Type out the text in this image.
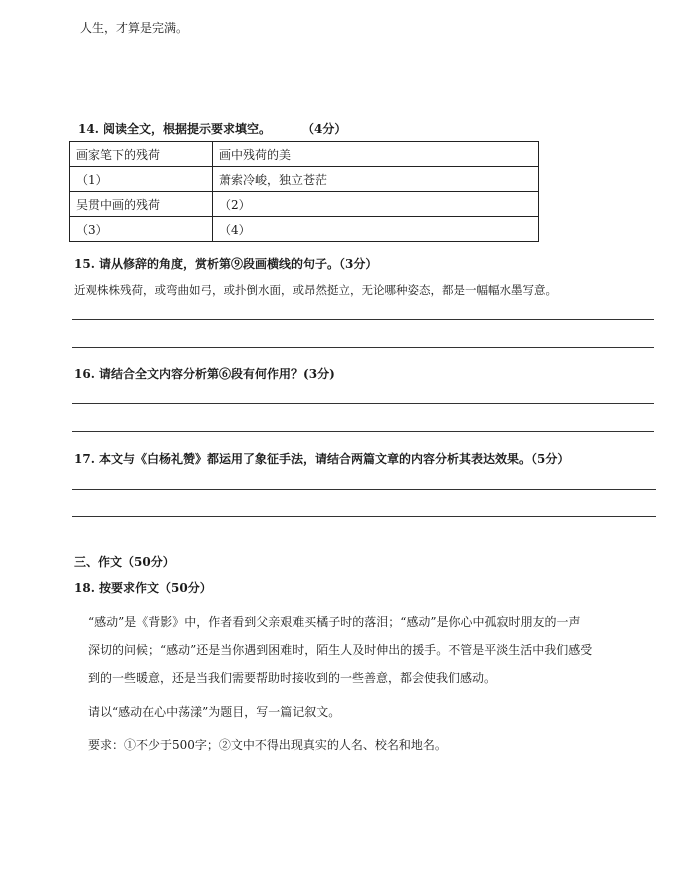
人生，才算是完满。
14. 阅读全文，根据提示要求填空。	（4分）
画家笔下的残荷	画中残荷的美
（1）	萧索冷峻，独立苍茫
吴贯中画的残荷	（2）
（3）	（4）
15. 请从修辞的角度，赏析第⑨段画横线的句子。（3分）
近观株株残荷，或弯曲如弓，或扑倒水面，或昂然挺立，无论哪种姿态，都是一幅幅水墨写意。
16. 请结合全文内容分析第⑥段有何作用？(3分)
17. 本文与《白杨礼赞》都运用了象征手法，请结合两篇文章的内容分析其表达效果。（5分）
三、作文（50分）
18. 按要求作文（50分）
“感动”是《背影》中，作者看到父亲艰难买橘子时的落泪；“感动”是你心中孤寂时朋友的一声
深切的问候；“感动”还是当你遇到困难时，陌生人及时伸出的援手。不管是平淡生活中我们感受
到的一些暖意，还是当我们需要帮助时接收到的一些善意，都会使我们感动。
请以“感动在心中荡漾”为题目，写一篇记叙文。
要求：①不少于500字；②文中不得出现真实的人名、校名和地名。
